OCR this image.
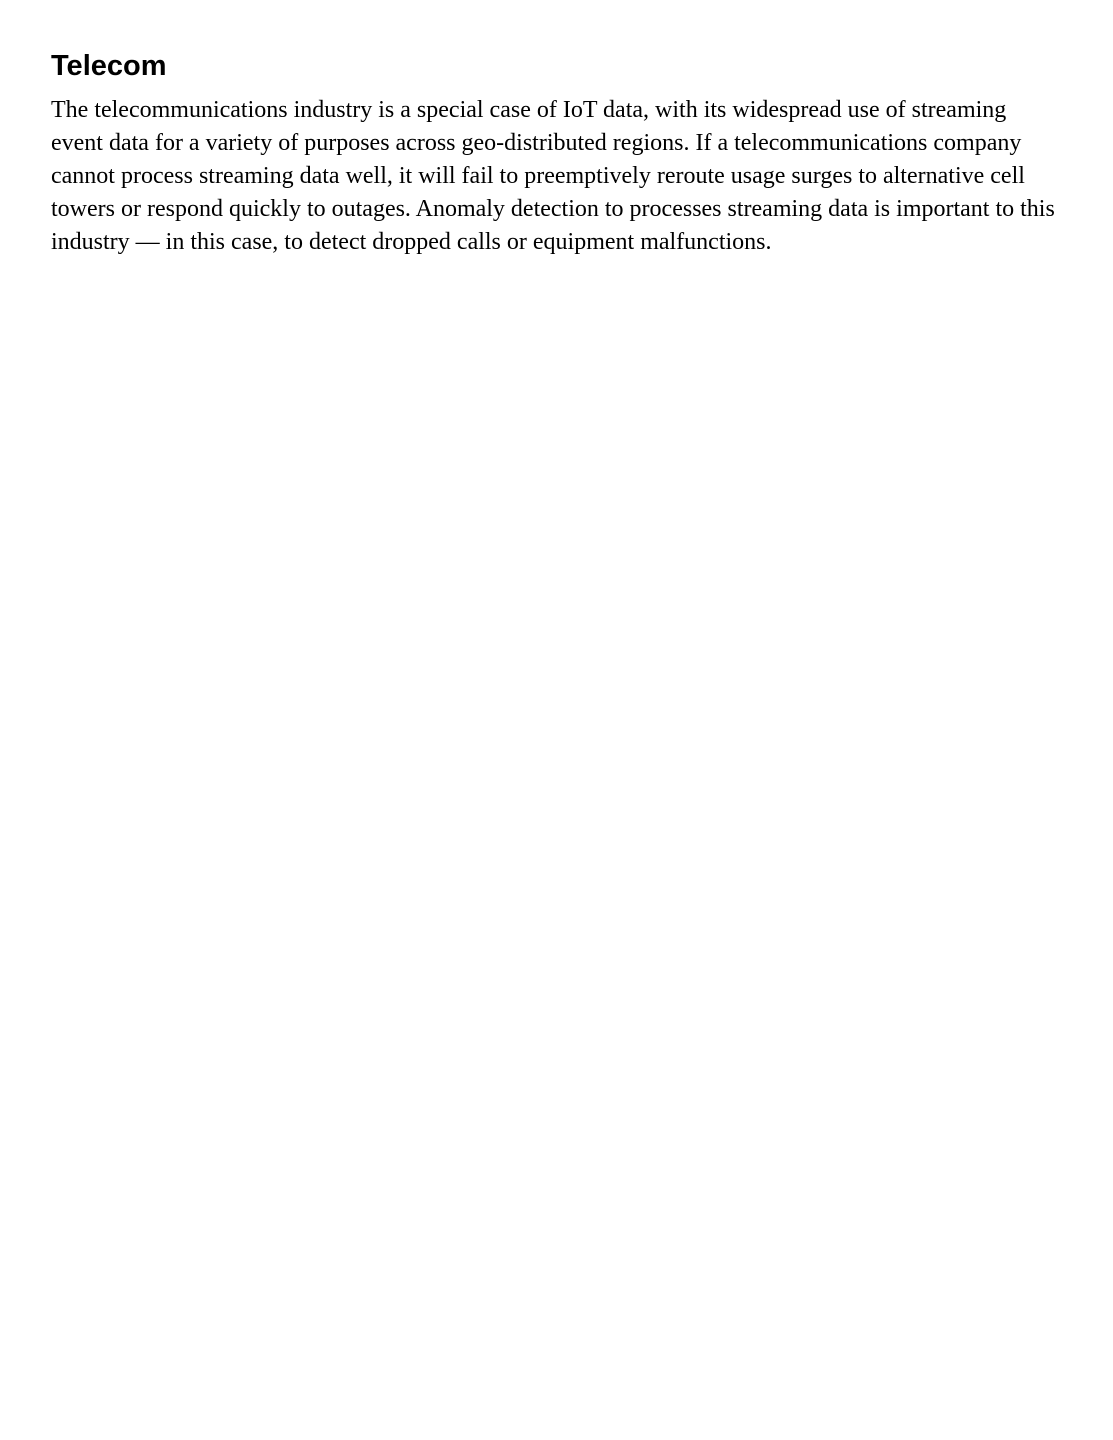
Telecom

The telecommunications industry is a special case of IoT data, with its widespread use of streaming event data for a variety of purposes across geo-distributed regions. If a telecommunications company cannot process streaming data well, it will fail to preemptively reroute usage surges to alternative cell towers or respond quickly to outages. Anomaly detection to processes streaming data is important to this industry — in this case, to detect dropped calls or equipment malfunctions.
